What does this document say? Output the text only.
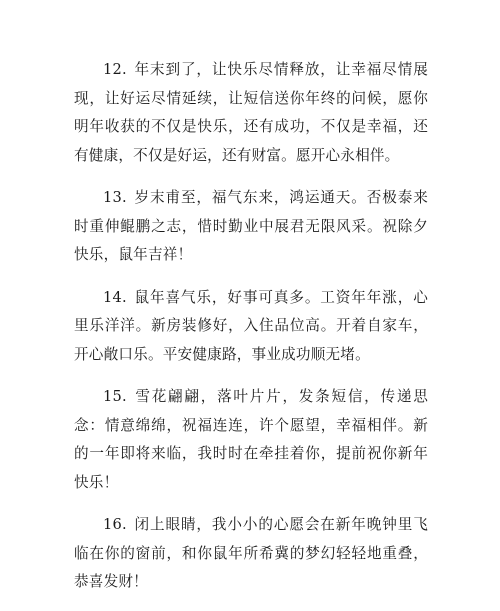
12. 年末到了，让快乐尽情释放，让幸福尽情展现，让好运尽情延续，让短信送你年终的问候，愿你明年收获的不仅是快乐，还有成功，不仅是幸福，还有健康，不仅是好运，还有财富。愿开心永相伴。

13. 岁末甫至，福气东来，鸿运通天。否极泰来时重伸鲲鹏之志，惜时勤业中展君无限风采。祝除夕快乐，鼠年吉祥！

14. 鼠年喜气乐，好事可真多。工资年年涨，心里乐洋洋。新房装修好，入住品位高。开着自家车，开心敞口乐。平安健康路，事业成功顺无堵。

15. 雪花翩翩，落叶片片，发条短信，传递思念：情意绵绵，祝福连连，许个愿望，幸福相伴。新的一年即将来临，我时时在牵挂着你，提前祝你新年快乐！

16. 闭上眼睛，我小小的心愿会在新年晚钟里飞临在你的窗前，和你鼠年所希冀的梦幻轻轻地重叠，恭喜发财！
